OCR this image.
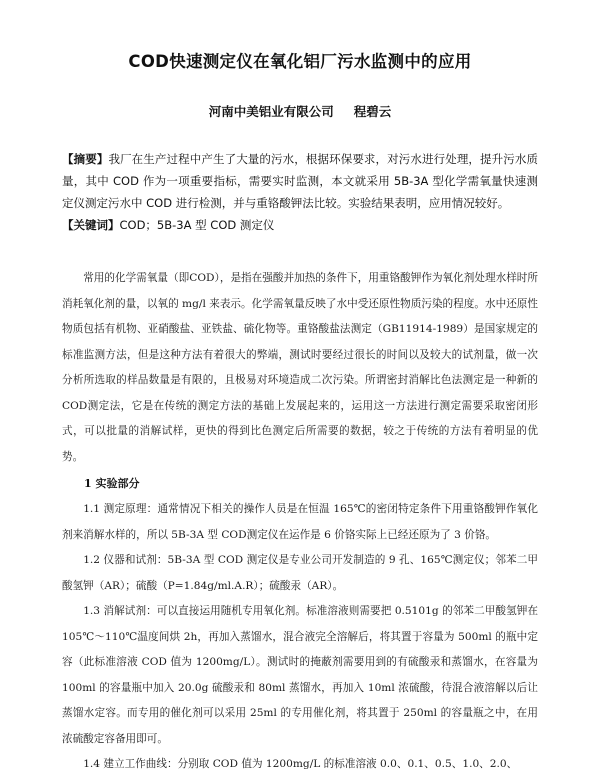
COD快速测定仪在氧化铝厂污水监测中的应用
河南中美铝业有限公司 程碧云

【摘要】我厂在生产过程中产生了大量的污水，根据环保要求，对污水进行处理，提升污水质量，其中 COD 作为一项重要指标，需要实时监测，本文就采用 5B-3A 型化学需氧量快速测定仪测定污水中 COD 进行检测，并与重铬酸钾法比较。实验结果表明，应用情况较好。

【关键词】COD；5B-3A 型 COD 测定仪

常用的化学需氧量（即COD），是指在强酸并加热的条件下，用重铬酸钾作为氧化剂处理水样时所消耗氧化剂的量，以氧的 mg/l 来表示。化学需氧量反映了水中受还原性物质污染的程度。水中还原性物质包括有机物、亚硝酸盐、亚铁盐、硫化物等。重铬酸盐法测定（GB11914-1989）是国家规定的标准监测方法，但是这种方法有着很大的弊端，测试时要经过很长的时间以及较大的试剂量，做一次分析所选取的样品数量是有限的，且极易对环境造成二次污染。所谓密封消解比色法测定是一种新的COD测定法，它是在传统的测定方法的基础上发展起来的，运用这一方法进行测定需要采取密闭形式，可以批量的消解试样，更快的得到比色测定后所需要的数据，较之于传统的方法有着明显的优势。

1 实验部分

1.1 测定原理：通常情况下相关的操作人员是在恒温 165℃的密闭特定条件下用重铬酸钾作氧化剂来消解水样的，所以 5B-3A 型 COD测定仪在运作是 6 价铬实际上已经还原为了 3 价铬。

1.2 仪器和试剂：5B-3A 型 COD 测定仪是专业公司开发制造的 9 孔、165℃测定仪；邻苯二甲酸氢钾（AR）；硫酸（P=1.84g/ml.A.R）；硫酸汞（AR）。

1.3 消解试剂：可以直接运用随机专用氧化剂。标准溶液则需要把 0.5101g 的邻苯二甲酸氢钾在 105℃～110℃温度间烘 2h，再加入蒸馏水，混合液完全溶解后，将其置于容量为 500ml 的瓶中定容（此标准溶液 COD 值为 1200mg/L）。测试时的掩蔽剂需要用到的有硫酸汞和蒸馏水，在容量为 100ml 的容量瓶中加入 20.0g 硫酸汞和 80ml 蒸馏水，再加入 10ml 浓硫酸，待混合液溶解以后让蒸馏水定容。而专用的催化剂可以采用 25ml 的专用催化剂，将其置于 250ml 的容量瓶之中，在用浓硫酸定容备用即可。

1.4 建立工作曲线：分别取 COD 值为 1200mg/L 的标准溶液 0.0、0.1、0.5、1.0、2.0、
